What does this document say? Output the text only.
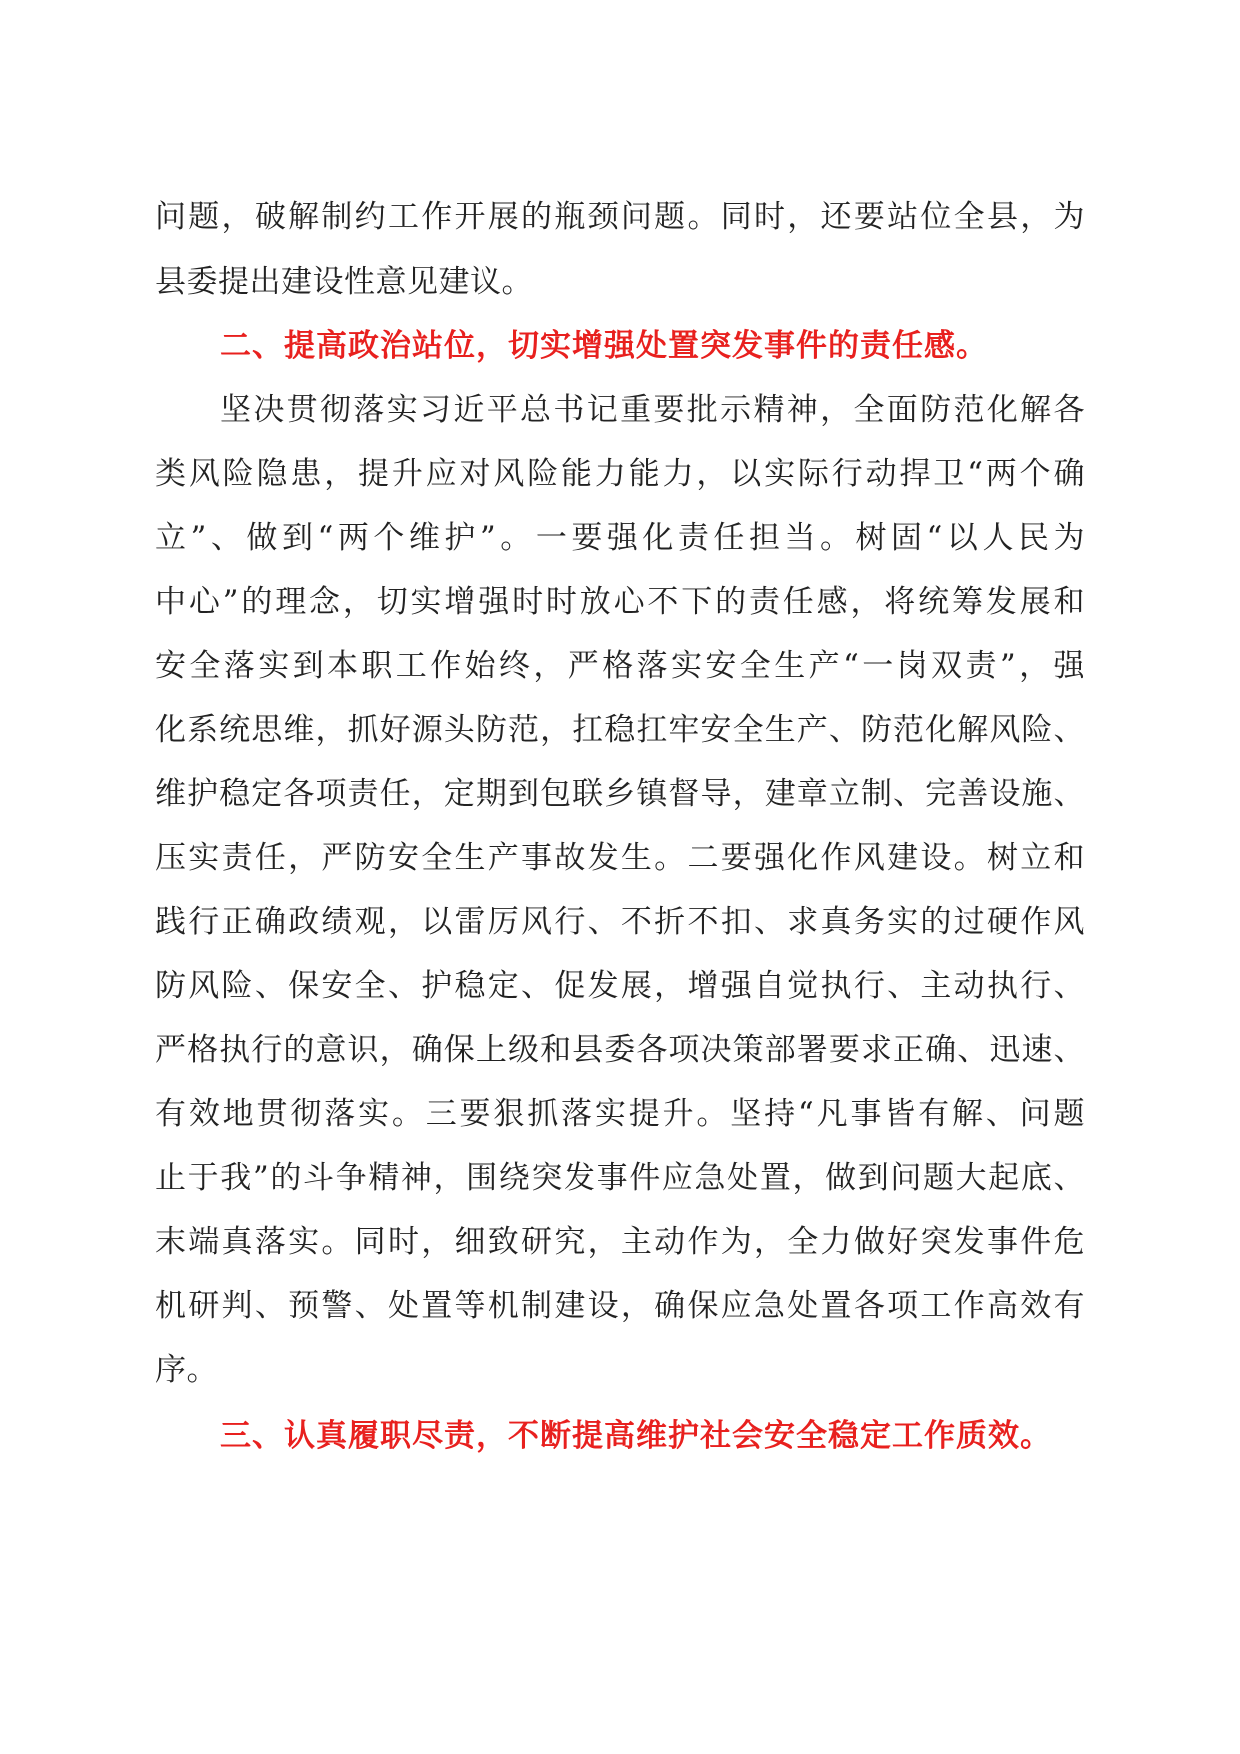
问题，破解制约工作开展的瓶颈问题。同时，还要站位全县，为
县委提出建设性意见建议。
二、提高政治站位，切实增强处置突发事件的责任感。
坚决贯彻落实习近平总书记重要批示精神，全面防范化解各
类风险隐患，提升应对风险能力能力，以实际行动捍卫“两个确
立”、做到“两个维护”。一要强化责任担当。树固“以人民为
中心”的理念，切实增强时时放心不下的责任感，将统筹发展和
安全落实到本职工作始终，严格落实安全生产“一岗双责”，强
化系统思维，抓好源头防范，扛稳扛牢安全生产、防范化解风险、
维护稳定各项责任，定期到包联乡镇督导，建章立制、完善设施、
压实责任，严防安全生产事故发生。二要强化作风建设。树立和
践行正确政绩观，以雷厉风行、不折不扣、求真务实的过硬作风
防风险、保安全、护稳定、促发展，增强自觉执行、主动执行、
严格执行的意识，确保上级和县委各项决策部署要求正确、迅速、
有效地贯彻落实。三要狠抓落实提升。坚持“凡事皆有解、问题
止于我”的斗争精神，围绕突发事件应急处置，做到问题大起底、
末端真落实。同时，细致研究，主动作为，全力做好突发事件危
机研判、预警、处置等机制建设，确保应急处置各项工作高效有
序。
三、认真履职尽责，不断提高维护社会安全稳定工作质效。
